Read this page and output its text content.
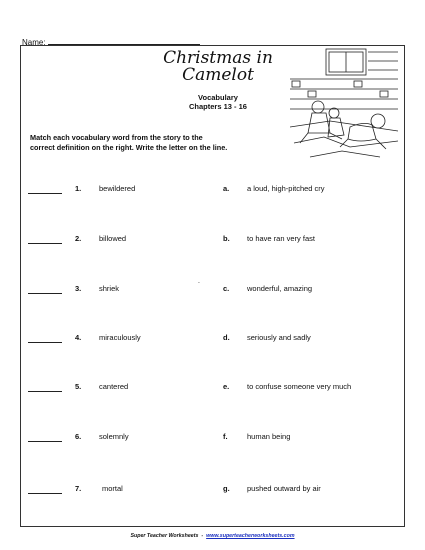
Name:
Christmas in
Camelot
Vocabulary
Chapters 13 - 16
Match each vocabulary word from the story to the
correct definition on the right. Write the letter on the line.
1. bewildered	a. a loud, high-pitched cry
2. billowed	b. to have ran very fast
3. shriek	c. wonderful, amazing
4. miraculously	d. seriously and sadly
5. cantered	e. to confuse someone very much
6. solemnly	f.	human being
7.	mortal	g. pushed outward by air
`
Super Teacher Worksheets - www.superteacherworksheets.com
